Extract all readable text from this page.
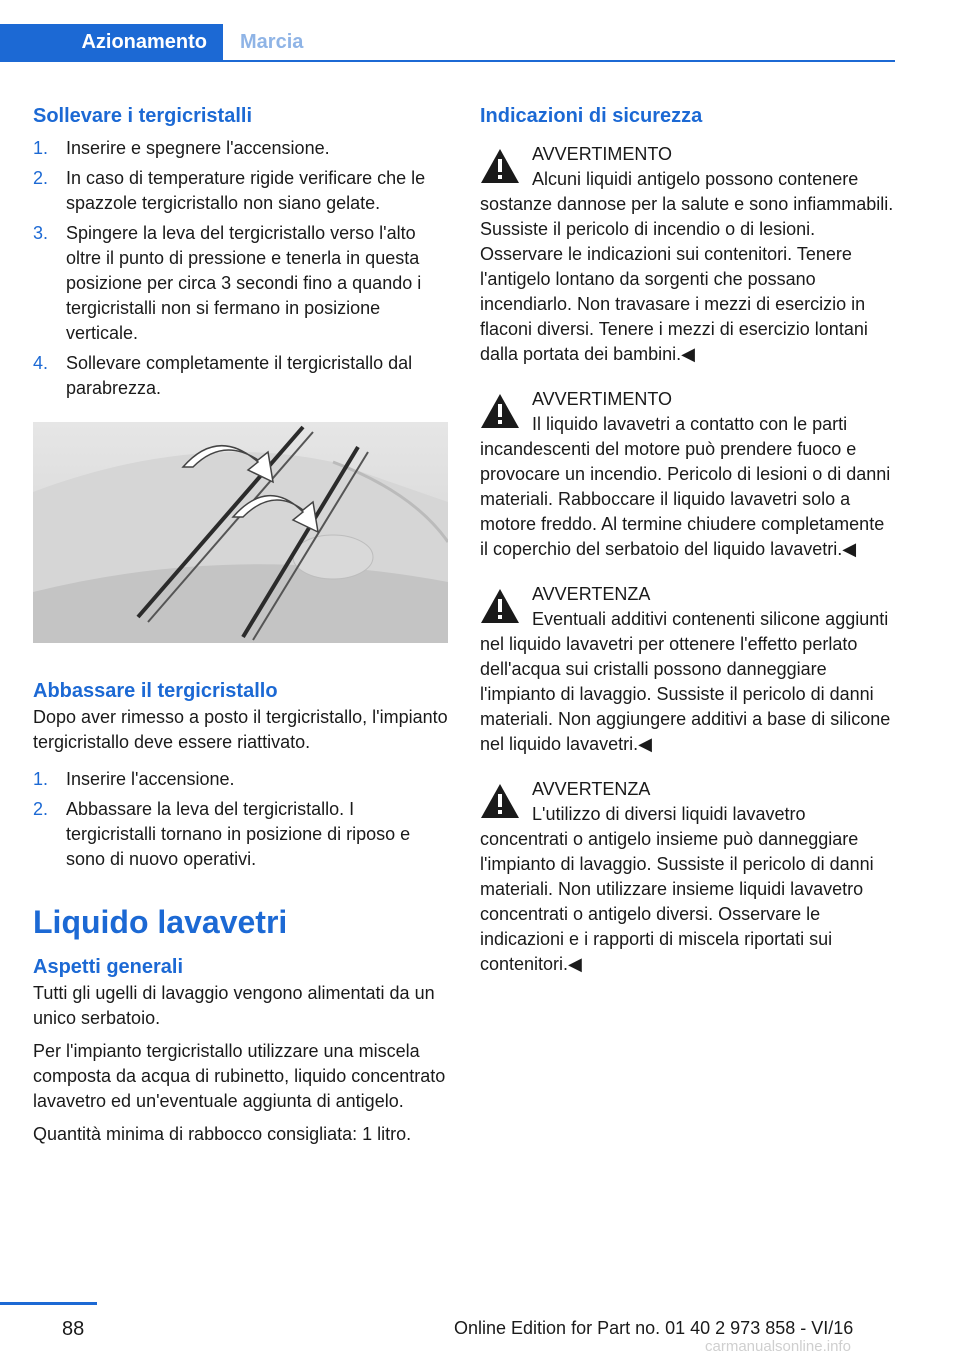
Azionamento	Marcia
Sollevare i tergicristalli
1. Inserire e spegnere l'accensione.
2. In caso di temperature rigide verificare che le spazzole tergicristallo non siano gelate.
3. Spingere la leva del tergicristallo verso l'alto oltre il punto di pressione e tenerla in questa posizione per circa 3 secondi fino a quando i tergicristalli non si fermano in posizione verticale.
4. Sollevare completamente il tergicristallo dal parabrezza.
Abbassare il tergicristallo

Dopo aver rimesso a posto il tergicristallo, l'impianto tergicristallo deve essere riattivato.

1. Inserire l'accensione.
2. Abbassare la leva del tergicristallo. I tergicristalli tornano in posizione di riposo e sono di nuovo operativi.
Liquido lavavetri
Aspetti generali

Tutti gli ugelli di lavaggio vengono alimentati da un unico serbatoio.

Per l'impianto tergicristallo utilizzare una miscela composta da acqua di rubinetto, liquido concentrato lavavetro ed un'eventuale aggiunta di antigelo.

Quantità minima di rabbocco consigliata: 1 litro.

Indicazioni di sicurezza
AVVERTIMENTO
Alcuni liquidi antigelo possono contenere sostanze dannose per la salute e sono infiammabili. Sussiste il pericolo di incendio o di lesioni. Osservare le indicazioni sui contenitori. Tenere l'antigelo lontano da sorgenti che possano incendiarlo. Non travasare i mezzi di esercizio in flaconi diversi. Tenere i mezzi di esercizio lontani dalla portata dei bambini.◀
AVVERTIMENTO
Il liquido lavavetri a contatto con le parti incandescenti del motore può prendere fuoco e provocare un incendio. Pericolo di lesioni o di danni materiali. Rabboccare il liquido lavavetri solo a motore freddo. Al termine chiudere completamente il coperchio del serbatoio del liquido lavavetri.◀
AVVERTENZA
Eventuali additivi contenenti silicone aggiunti nel liquido lavavetri per ottenere l'effetto perlato dell'acqua sui cristalli possono danneggiare l'impianto di lavaggio. Sussiste il pericolo di danni materiali. Non aggiungere additivi a base di silicone nel liquido lavavetri.◀
AVVERTENZA
L'utilizzo di diversi liquidi lavavetro concentrati o antigelo insieme può danneggiare l'impianto di lavaggio. Sussiste il pericolo di danni materiali. Non utilizzare insieme liquidi lavavetro concentrati o antigelo diversi. Osservare le indicazioni e i rapporti di miscela riportati sui contenitori.◀
88	Online Edition for Part no. 01 40 2 973 858 - VI/16
carmanualsonline.info
